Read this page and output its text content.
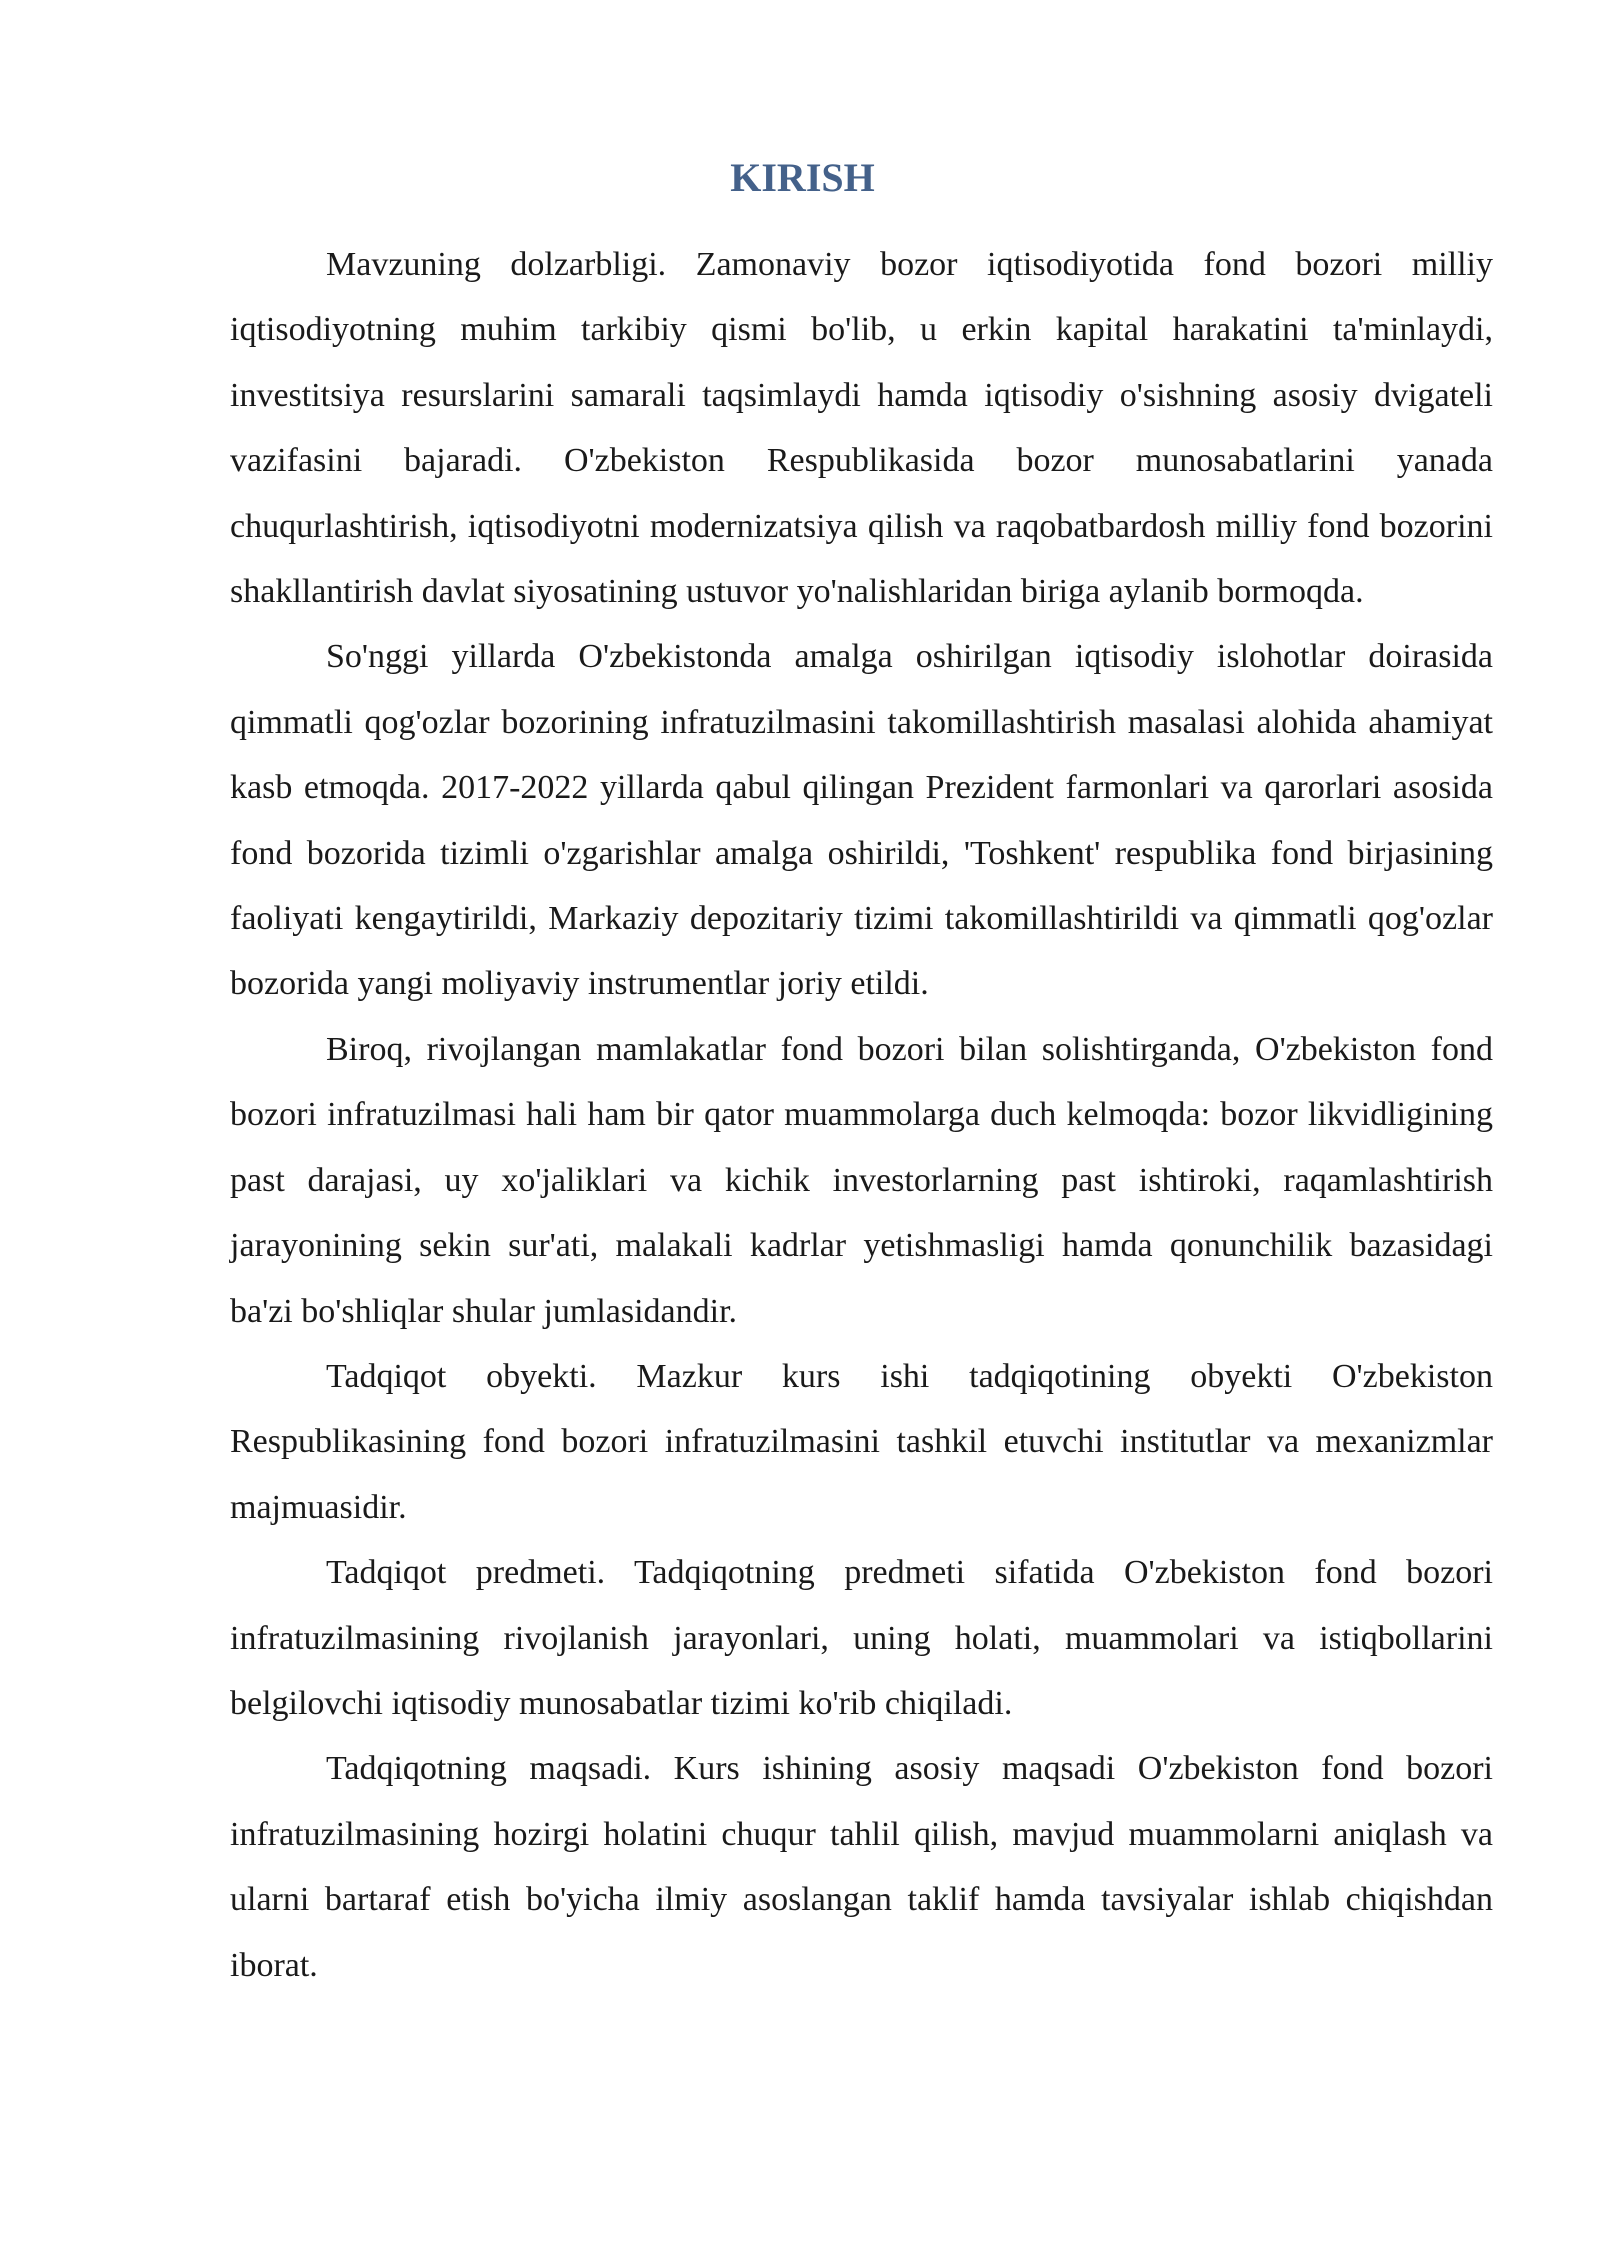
KIRISH

Mavzuning dolzarbligi. Zamonaviy bozor iqtisodiyotida fond bozori milliy iqtisodiyotning muhim tarkibiy qismi bo'lib, u erkin kapital harakatini ta'minlaydi, investitsiya resurslarini samarali taqsimlaydi hamda iqtisodiy o'sishning asosiy dvigateli vazifasini bajaradi. O'zbekiston Respublikasida bozor munosabatlarini yanada chuqurlashtirish, iqtisodiyotni modernizatsiya qilish va raqobatbardosh milliy fond bozorini shakllantirish davlat siyosatining ustuvor yo'nalishlaridan biriga aylanib bormoqda.

So'nggi yillarda O'zbekistonda amalga oshirilgan iqtisodiy islohotlar doirasida qimmatli qog'ozlar bozorining infratuzilmasini takomillashtirish masalasi alohida ahamiyat kasb etmoqda. 2017-2022 yillarda qabul qilingan Prezident farmonlari va qarorlari asosida fond bozorida tizimli o'zgarishlar amalga oshirildi, 'Toshkent' respublika fond birjasining faoliyati kengaytirildi, Markaziy depozitariy tizimi takomillashtirildi va qimmatli qog'ozlar bozorida yangi moliyaviy instrumentlar joriy etildi.

Biroq, rivojlangan mamlakatlar fond bozori bilan solishtirganda, O'zbekiston fond bozori infratuzilmasi hali ham bir qator muammolarga duch kelmoqda: bozor likvidligining past darajasi, uy xo'jaliklari va kichik investorlarning past ishtiroki, raqamlashtirish jarayonining sekin sur'ati, malakali kadrlar yetishmasligi hamda qonunchilik bazasidagi ba'zi bo'shliqlar shular jumlasidandir.

Tadqiqot obyekti. Mazkur kurs ishi tadqiqotining obyekti O'zbekiston Respublikasining fond bozori infratuzilmasini tashkil etuvchi institutlar va mexanizmlar majmuasidir.

Tadqiqot predmeti. Tadqiqotning predmeti sifatida O'zbekiston fond bozori infratuzilmasining rivojlanish jarayonlari, uning holati, muammolari va istiqbollarini belgilovchi iqtisodiy munosabatlar tizimi ko'rib chiqiladi.

Tadqiqotning maqsadi. Kurs ishining asosiy maqsadi O'zbekiston fond bozori infratuzilmasining hozirgi holatini chuqur tahlil qilish, mavjud muammolarni aniqlash va ularni bartaraf etish bo'yicha ilmiy asoslangan taklif hamda tavsiyalar ishlab chiqishdan iborat.
